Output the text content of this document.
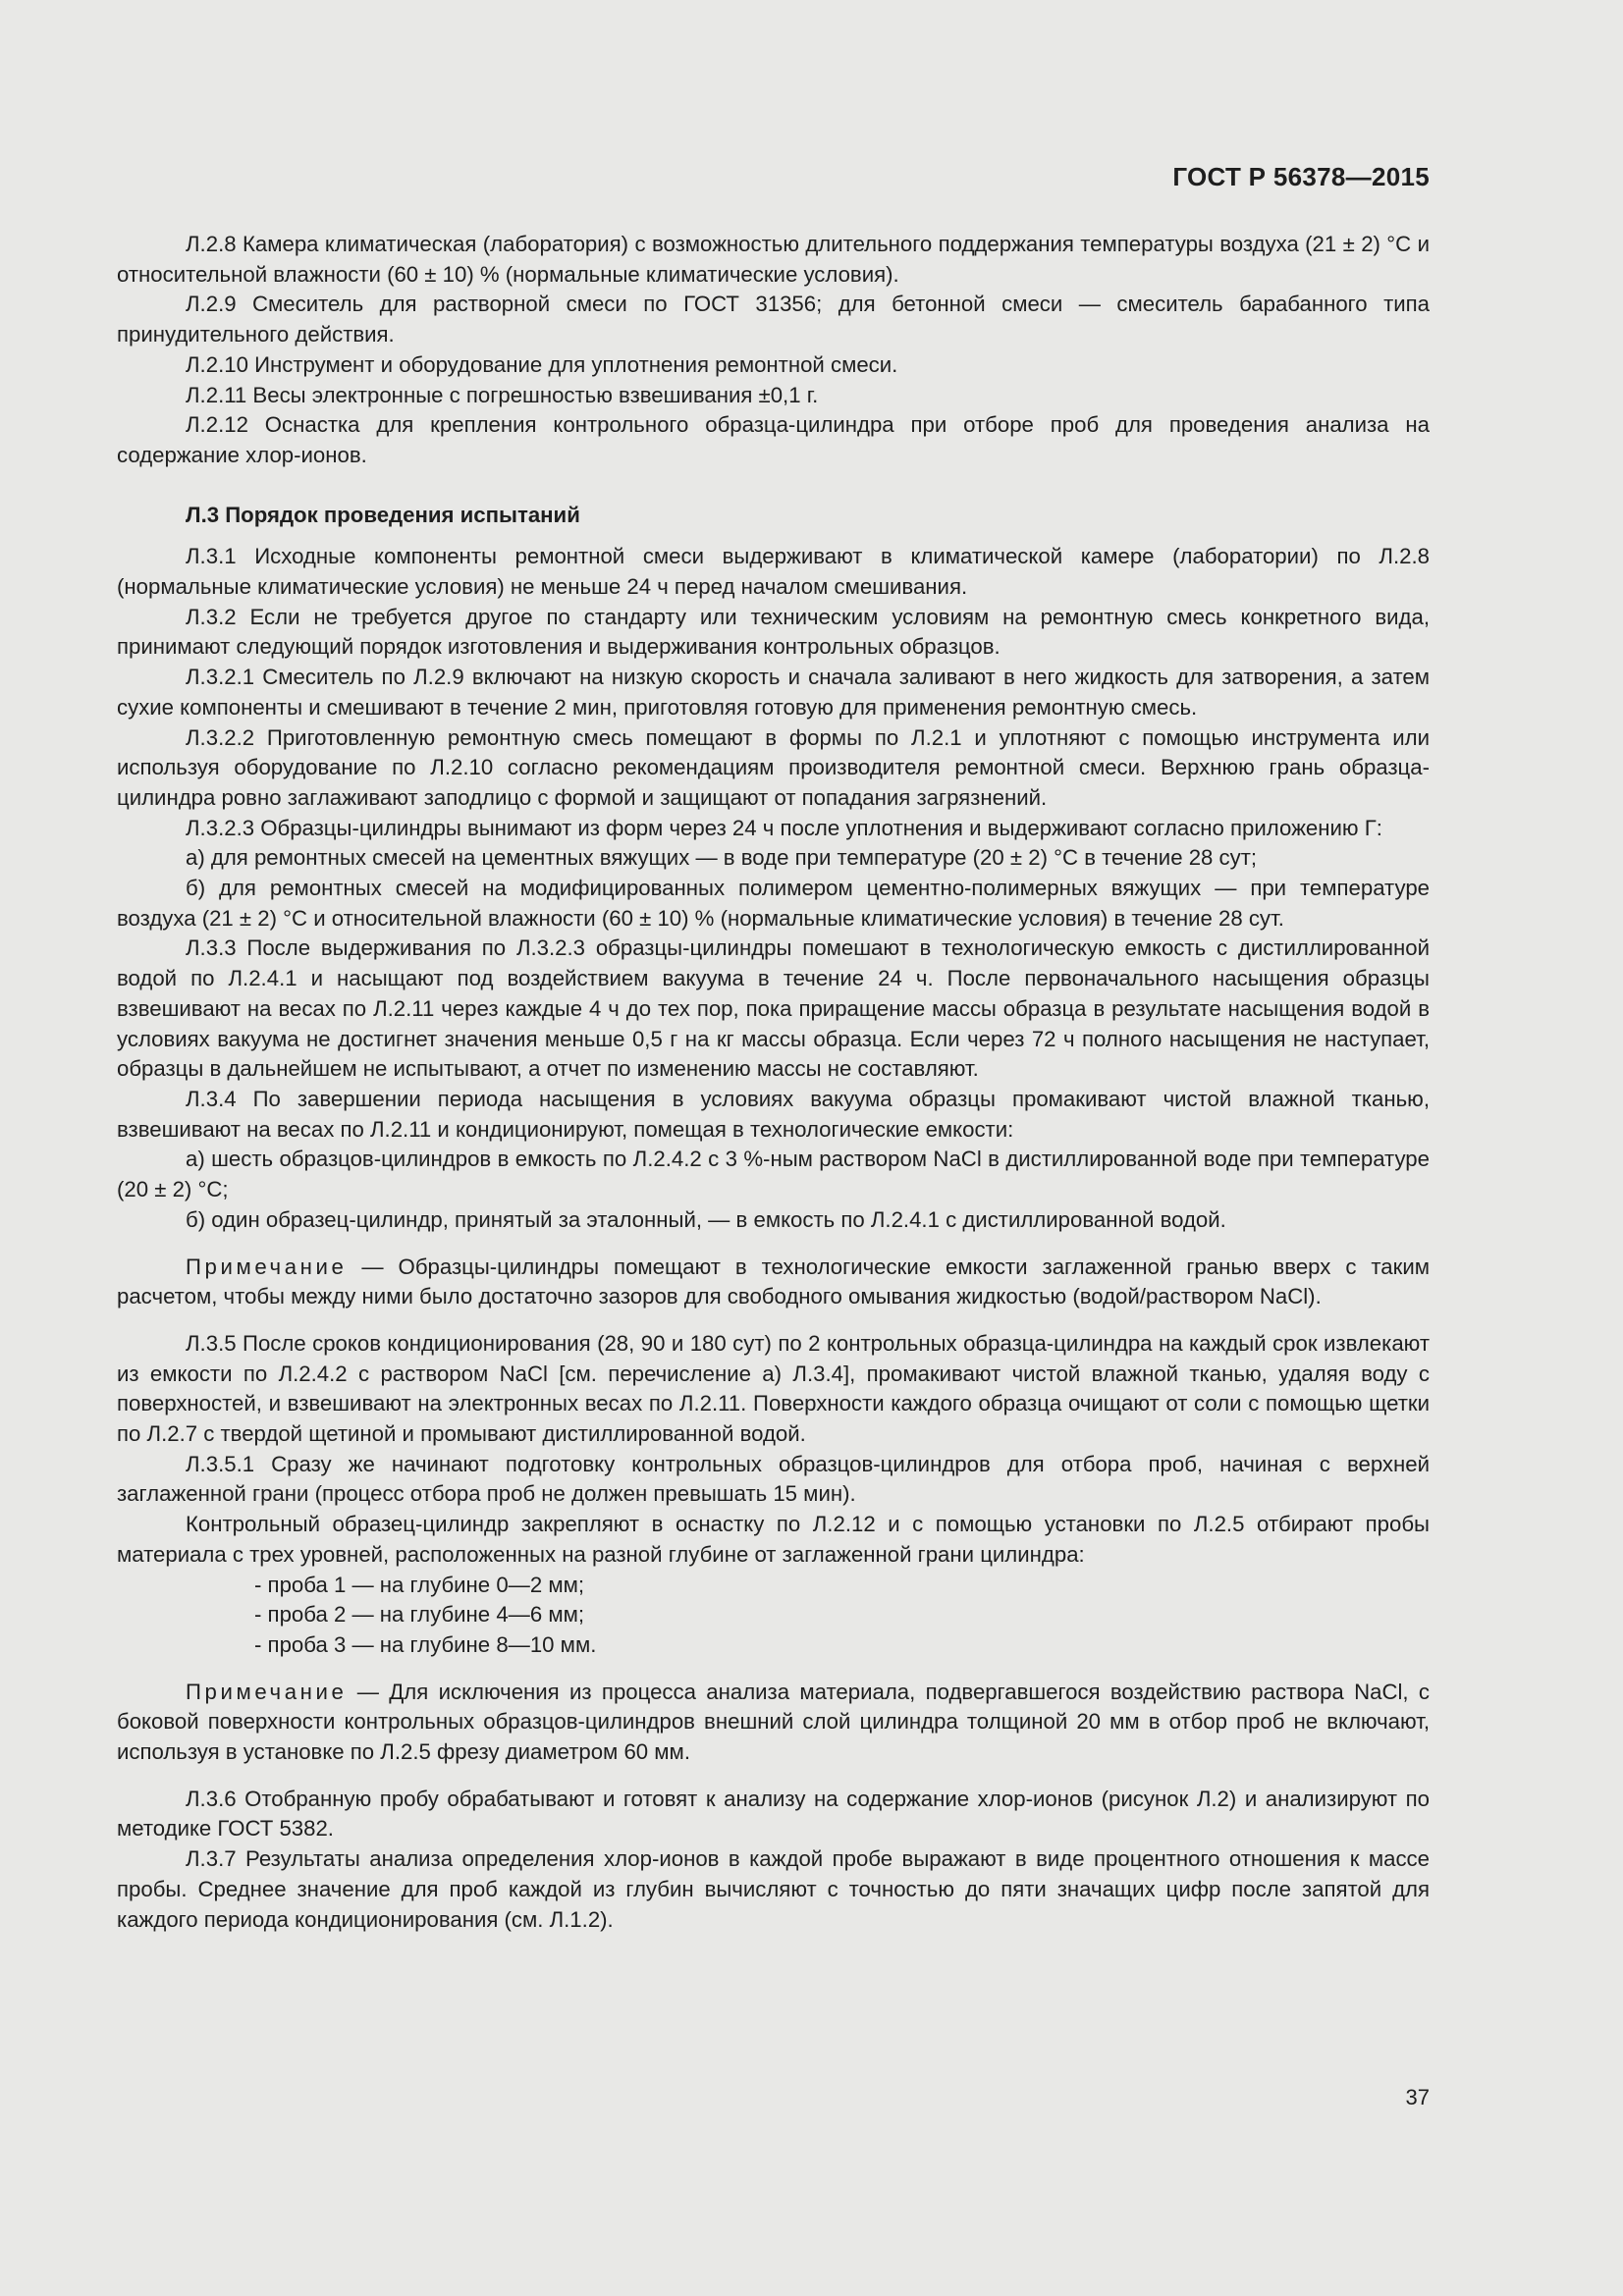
ГОСТ Р 56378—2015

Л.2.8 Камера климатическая (лаборатория) с возможностью длительного поддержания температуры воздуха (21 ± 2) °С и относительной влажности (60 ± 10) % (нормальные климатические условия).

Л.2.9 Смеситель для растворной смеси по ГОСТ 31356; для бетонной смеси — смеситель барабанного типа принудительного действия.

Л.2.10 Инструмент и оборудование для уплотнения ремонтной смеси.

Л.2.11 Весы электронные с погрешностью взвешивания ±0,1 г.

Л.2.12 Оснастка для крепления контрольного образца-цилиндра при отборе проб для проведения анализа на содержание хлор-ионов.

Л.3 Порядок проведения испытаний

Л.3.1 Исходные компоненты ремонтной смеси выдерживают в климатической камере (лаборатории) по Л.2.8 (нормальные климатические условия) не меньше 24 ч перед началом смешивания.

Л.3.2 Если не требуется другое по стандарту или техническим условиям на ремонтную смесь конкретного вида, принимают следующий порядок изготовления и выдерживания контрольных образцов.

Л.3.2.1 Смеситель по Л.2.9 включают на низкую скорость и сначала заливают в него жидкость для затворения, а затем сухие компоненты и смешивают в течение 2 мин, приготовляя готовую для применения ремонтную смесь.

Л.3.2.2 Приготовленную ремонтную смесь помещают в формы по Л.2.1 и уплотняют с помощью инструмента или используя оборудование по Л.2.10 согласно рекомендациям производителя ремонтной смеси. Верхнюю грань образца-цилиндра ровно заглаживают заподлицо с формой и защищают от попадания загрязнений.

Л.3.2.3 Образцы-цилиндры вынимают из форм через 24 ч после уплотнения и выдерживают согласно приложению Г:

а) для ремонтных смесей на цементных вяжущих — в воде при температуре (20 ± 2) °С в течение 28 сут;

б) для ремонтных смесей на модифицированных полимером цементно-полимерных вяжущих — при температуре воздуха (21 ± 2) °С и относительной влажности (60 ± 10) % (нормальные климатические условия) в течение 28 сут.

Л.3.3 После выдерживания по Л.3.2.3 образцы-цилиндры помешают в технологическую емкость с дистиллированной водой по Л.2.4.1 и насыщают под воздействием вакуума в течение 24 ч. После первоначального насыщения образцы взвешивают на весах по Л.2.11 через каждые 4 ч до тех пор, пока приращение массы образца в результате насыщения водой в условиях вакуума не достигнет значения меньше 0,5 г на кг массы образца. Если через 72 ч полного насыщения не наступает, образцы в дальнейшем не испытывают, а отчет по изменению массы не составляют.

Л.3.4 По завершении периода насыщения в условиях вакуума образцы промакивают чистой влажной тканью, взвешивают на весах по Л.2.11 и кондиционируют, помещая в технологические емкости:

а) шесть образцов-цилиндров в емкость по Л.2.4.2 с 3 %-ным раствором NaCl в дистиллированной воде при температуре (20 ± 2) °С;

б) один образец-цилиндр, принятый за эталонный, — в емкость по Л.2.4.1 с дистиллированной водой.

Примечание — Образцы-цилиндры помещают в технологические емкости заглаженной гранью вверх с таким расчетом, чтобы между ними было достаточно зазоров для свободного омывания жидкостью (водой/раствором NaCl).

Л.3.5 После сроков кондиционирования (28, 90 и 180 сут) по 2 контрольных образца-цилиндра на каждый срок извлекают из емкости по Л.2.4.2 с раствором NaCl [см. перечисление а) Л.3.4], промакивают чистой влажной тканью, удаляя воду с поверхностей, и взвешивают на электронных весах по Л.2.11. Поверхности каждого образца очищают от соли с помощью щетки по Л.2.7 с твердой щетиной и промывают дистиллированной водой.

Л.3.5.1 Сразу же начинают подготовку контрольных образцов-цилиндров для отбора проб, начиная с верхней заглаженной грани (процесс отбора проб не должен превышать 15 мин).

Контрольный образец-цилиндр закрепляют в оснастку по Л.2.12 и с помощью установки по Л.2.5 отбирают пробы материала с трех уровней, расположенных на разной глубине от заглаженной грани цилиндра:

- проба 1 — на глубине 0—2 мм;

- проба 2 — на глубине 4—6 мм;

- проба 3 — на глубине 8—10 мм.

Примечание — Для исключения из процесса анализа материала, подвергавшегося воздействию раствора NaCl, с боковой поверхности контрольных образцов-цилиндров внешний слой цилиндра толщиной 20 мм в отбор проб не включают, используя в установке по Л.2.5 фрезу диаметром 60 мм.

Л.3.6 Отобранную пробу обрабатывают и готовят к анализу на содержание хлор-ионов (рисунок Л.2) и анализируют по методике ГОСТ 5382.

Л.3.7 Результаты анализа определения хлор-ионов в каждой пробе выражают в виде процентного отношения к массе пробы. Среднее значение для проб каждой из глубин вычисляют с точностью до пяти значащих цифр после запятой для каждого периода кондиционирования (см. Л.1.2).

37
